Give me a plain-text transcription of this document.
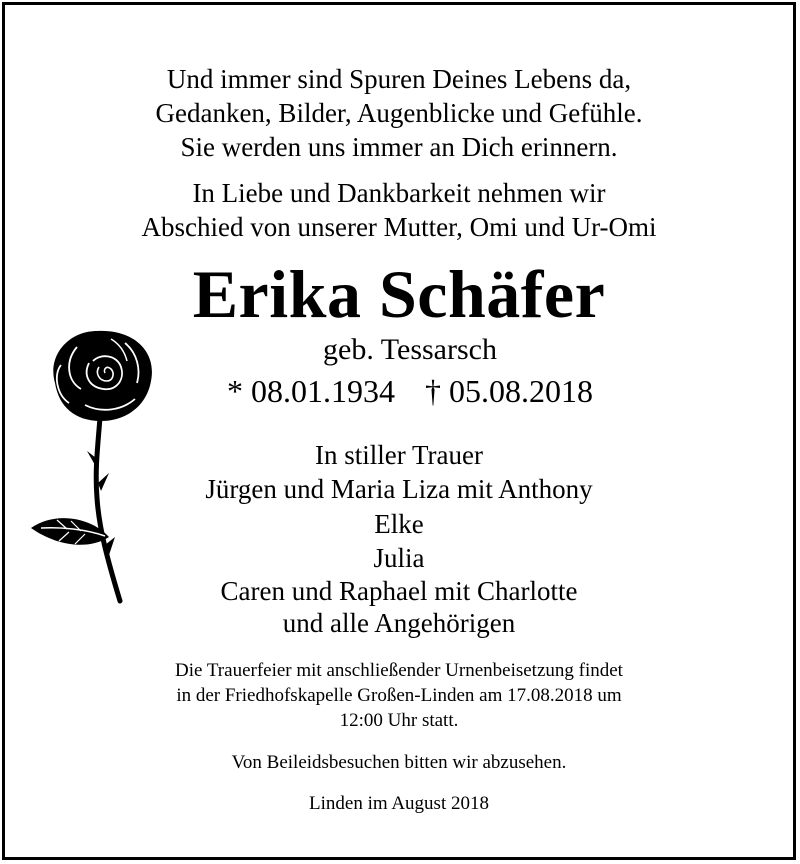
Und immer sind Spuren Deines Lebens da,
Gedanken, Bilder, Augenblicke und Gefühle.
Sie werden uns immer an Dich erinnern.
In Liebe und Dankbarkeit nehmen wir
Abschied von unserer Mutter, Omi und Ur-Omi
Erika Schäfer
geb. Tessarsch
* 08.01.1934 † 05.08.2018
In stiller Trauer
Jürgen und Maria Liza mit Anthony
Elke
Julia
Caren und Raphael mit Charlotte
und alle Angehörigen
Die Trauerfeier mit anschließender Urnenbeisetzung findet
in der Friedhofskapelle Großen-Linden am 17.08.2018 um
12:00 Uhr statt.
Von Beileidsbesuchen bitten wir abzusehen.
Linden im August 2018
